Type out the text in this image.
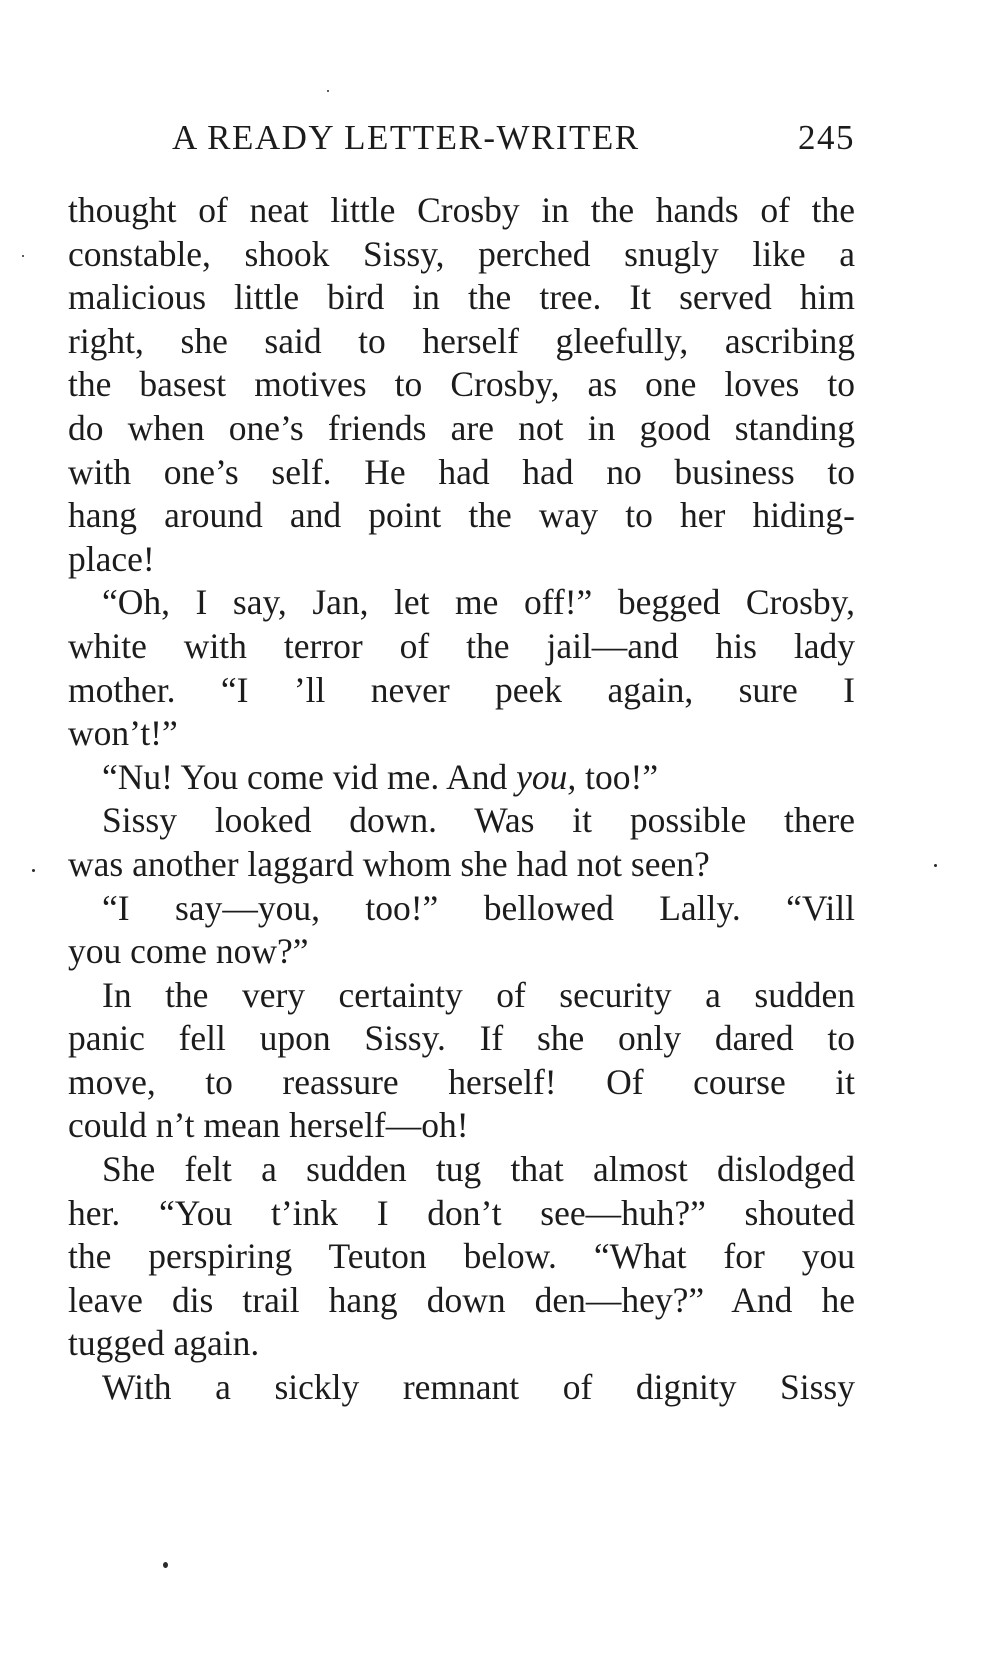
A READY LETTER-WRITER	245
thought of neat little Crosby in the hands of the
constable, shook Sissy, perched snugly like a
malicious little bird in the tree. It served him
right, she said to herself gleefully, ascribing
the basest motives to Crosby, as one loves to
do when one’s friends are not in good standing
with one’s self. He had had no business to
hang around and point the way to her hiding-
place!
“Oh, I say, Jan, let me off!” begged Crosby,
white with terror of the jail—and his lady
mother. “I ’ll never peek again, sure I
won’t!”
“Nu! You come vid me. And you, too!”
Sissy looked down. Was it possible there
was another laggard whom she had not seen?
“I say—you, too!” bellowed Lally. “Vill
you come now?”
In the very certainty of security a sudden
panic fell upon Sissy. If she only dared to
move, to reassure herself! Of course it
could n’t mean herself—oh!
She felt a sudden tug that almost dislodged
her. “You t’ink I don’t see—huh?” shouted
the perspiring Teuton below. “What for you
leave dis trail hang down den—hey?” And he
tugged again.
With a sickly remnant of dignity Sissy
